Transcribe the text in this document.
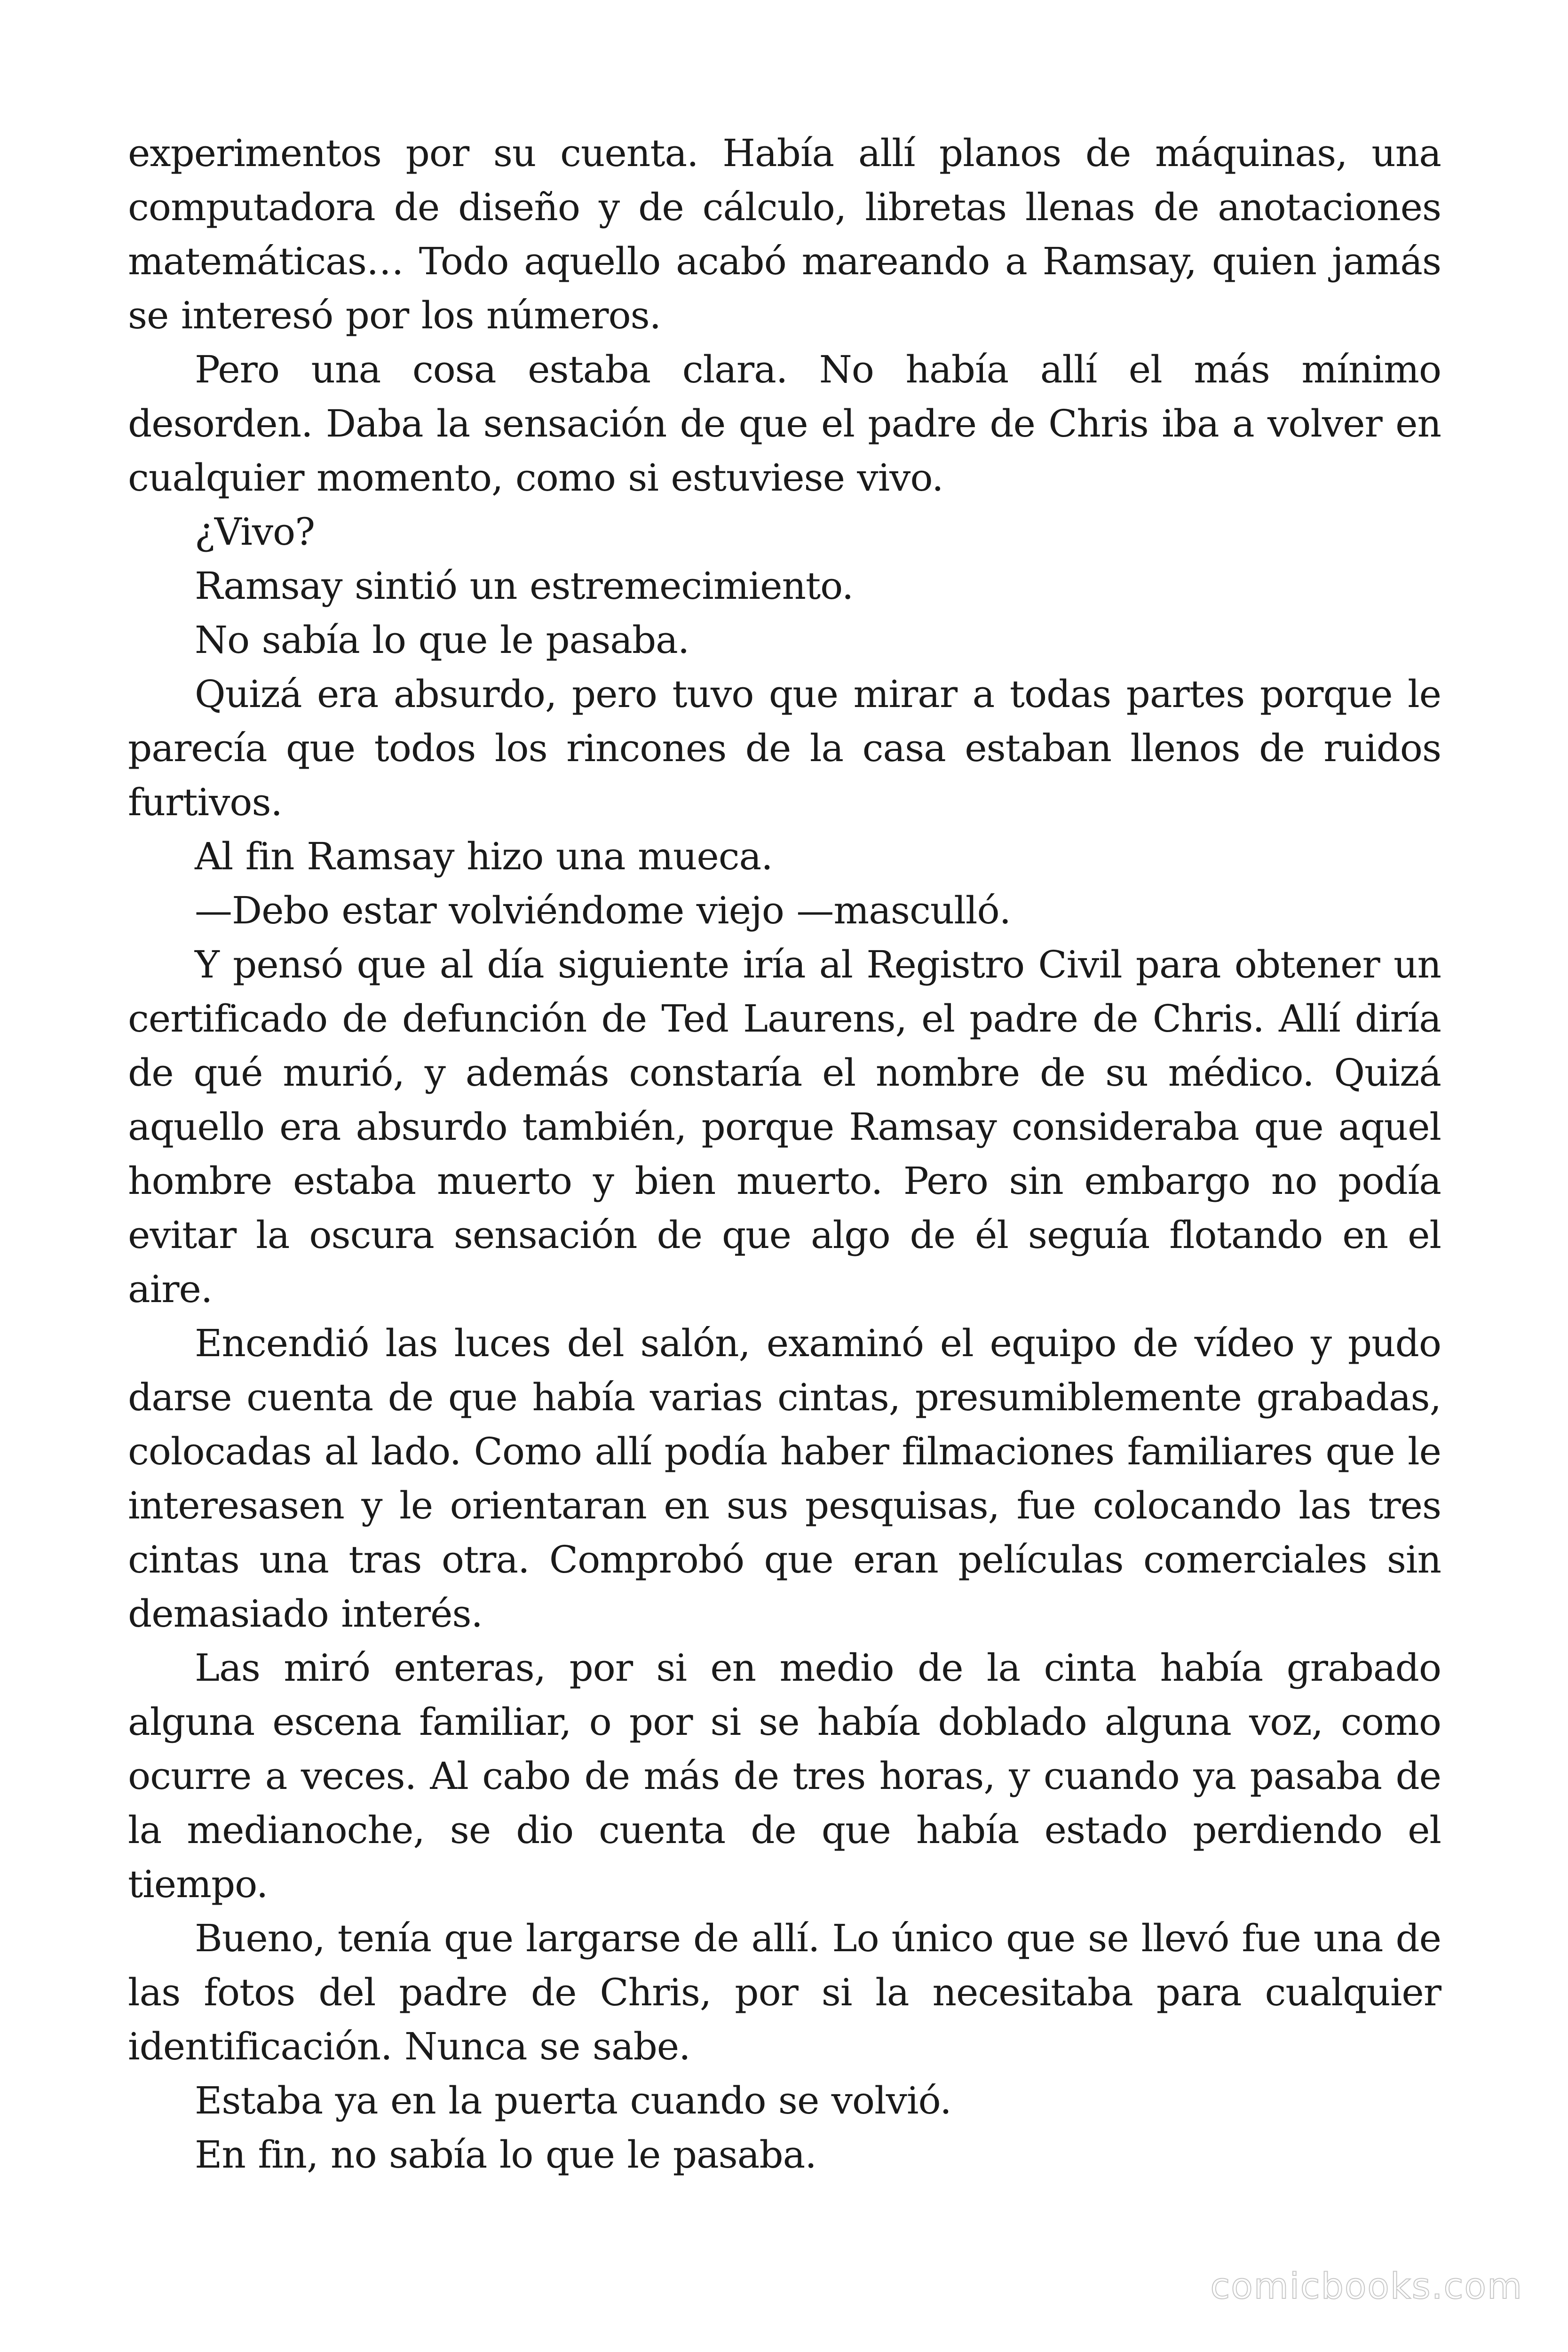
experimentos por su cuenta. Había allí planos de máquinas, una computadora de diseño y de cálculo, libretas llenas de anotaciones matemáticas… Todo aquello acabó mareando a Ramsay, quien jamás se interesó por los números.

Pero una cosa estaba clara. No había allí el más mínimo desorden. Daba la sensación de que el padre de Chris iba a volver en cualquier momento, como si estuviese vivo.

¿Vivo?

Ramsay sintió un estremecimiento.

No sabía lo que le pasaba.

Quizá era absurdo, pero tuvo que mirar a todas partes porque le parecía que todos los rincones de la casa estaban llenos de ruidos furtivos.

Al fin Ramsay hizo una mueca.

—Debo estar volviéndome viejo —mascullό.

Y pensó que al día siguiente iría al Registro Civil para obtener un certificado de defunción de Ted Laurens, el padre de Chris. Allí diría de qué murió, y además constaría el nombre de su médico. Quizá aquello era absurdo también, porque Ramsay consideraba que aquel hombre estaba muerto y bien muerto. Pero sin embargo no podía evitar la oscura sensación de que algo de él seguía flotando en el aire.

Encendió las luces del salón, examinó el equipo de vídeo y pudo darse cuenta de que había varias cintas, presumiblemente grabadas, colocadas al lado. Como allí podía haber filmaciones familiares que le interesasen y le orientaran en sus pesquisas, fue colocando las tres cintas una tras otra. Comprobó que eran películas comerciales sin demasiado interés.

Las miró enteras, por si en medio de la cinta había grabado alguna escena familiar, o por si se había doblado alguna voz, como ocurre a veces. Al cabo de más de tres horas, y cuando ya pasaba de la medianoche, se dio cuenta de que había estado perdiendo el tiempo.

Bueno, tenía que largarse de allí. Lo único que se llevó fue una de las fotos del padre de Chris, por si la necesitaba para cualquier identificación. Nunca se sabe.

Estaba ya en la puerta cuando se volvió.

En fin, no sabía lo que le pasaba.

comicbooks.com
